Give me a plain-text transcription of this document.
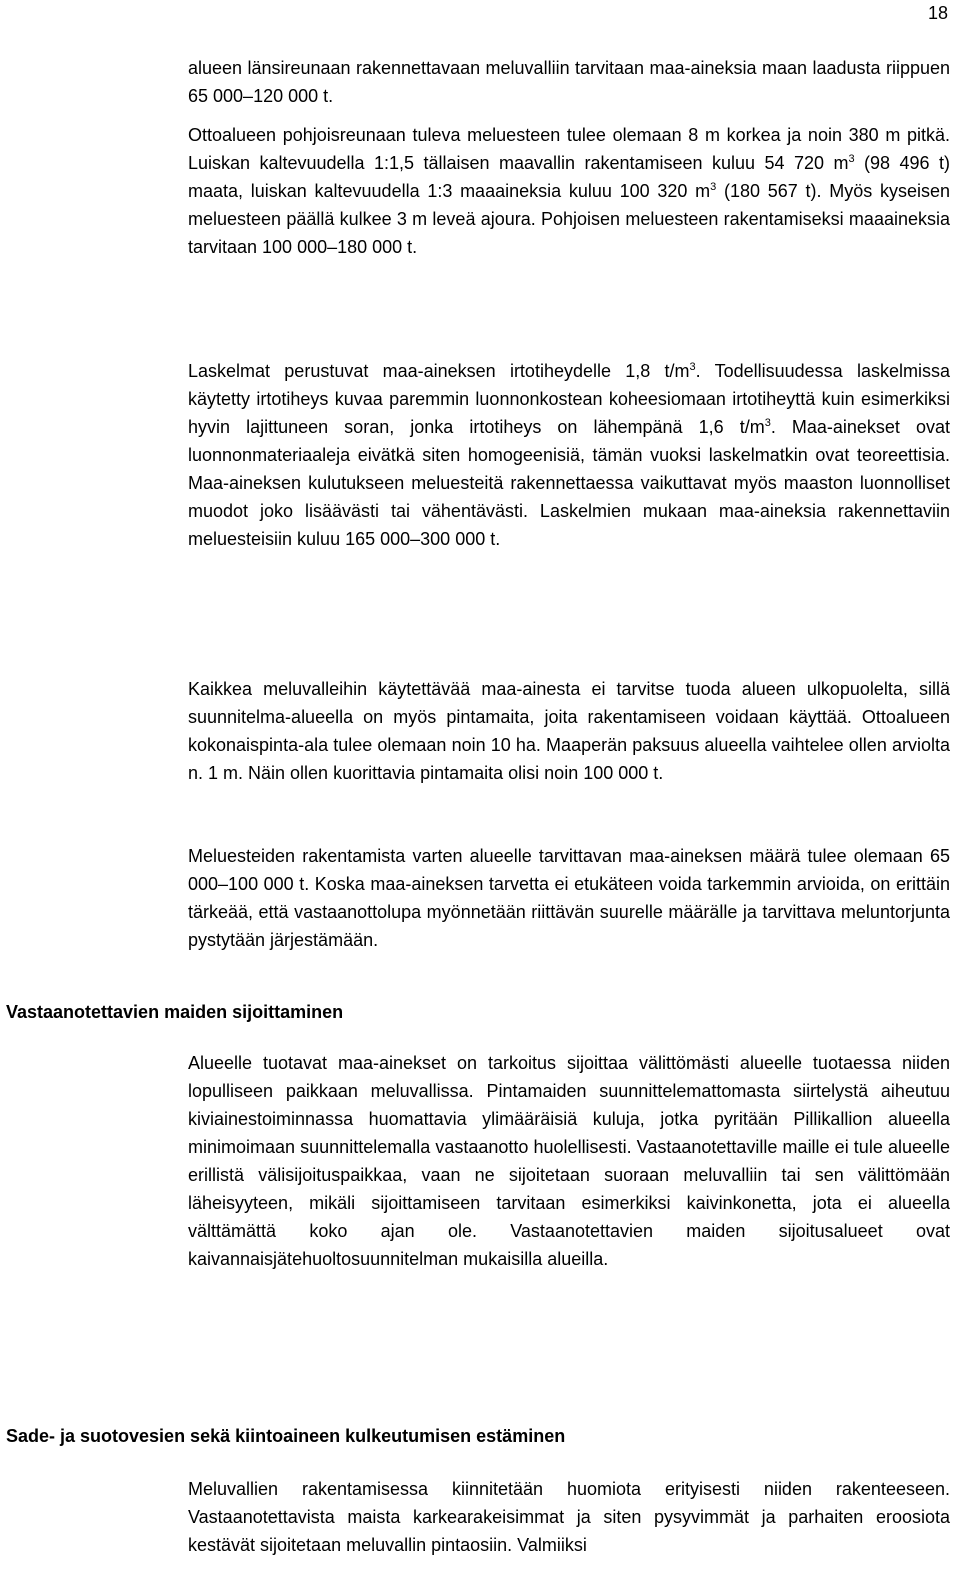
18

alueen länsireunaan rakennettavaan meluvalliin tarvitaan maa-aineksia maan laadusta riippuen 65 000–120 000 t.

Ottoalueen pohjoisreunaan tuleva meluesteen tulee olemaan 8 m korkea ja noin 380 m pitkä. Luiskan kaltevuudella 1:1,5 tällaisen maavallin rakentamiseen kuluu 54 720 $m^3$ (98 496 t) maata, luiskan kaltevuudella 1:3 maaaineksia kuluu 100 320 $m^3$ (180 567 t). Myös kyseisen meluesteen päällä kulkee 3 m leveä ajoura. Pohjoisen meluesteen rakentamiseksi maaaineksia tarvitaan 100 000–180 000 t.

Laskelmat perustuvat maa-aineksen irtotiheydelle 1,8 $t/m^3$. Todellisuudessa laskelmissa käytetty irtotiheys kuvaa paremmin luonnonkostean koheesiomaan irtotiheyttä kuin esimerkiksi hyvin lajittuneen soran, jonka irtotiheys on lähempänä 1,6 $t/m^3$. Maa-ainekset ovat luonnonmateriaaleja eivätkä siten homogeenisiä, tämän vuoksi laskelmatkin ovat teoreettisia. Maa-aineksen kulutukseen meluesteitä rakennettaessa vaikuttavat myös maaston luonnolliset muodot joko lisäävästi tai vähentävästi. Laskelmien mukaan maa-aineksia rakennettaviin meluesteisiin kuluu 165 000–300 000 t.

Kaikkea meluvalleihin käytettävää maa-ainesta ei tarvitse tuoda alueen ulkopuolelta, sillä suunnitelma-alueella on myös pintamaita, joita rakentamiseen voidaan käyttää. Ottoalueen kokonaispinta-ala tulee olemaan noin 10 ha. Maaperän paksuus alueella vaihtelee ollen arviolta n. 1 m. Näin ollen kuorittavia pintamaita olisi noin 100 000 t.

Meluesteiden rakentamista varten alueelle tarvittavan maa-aineksen määrä tulee olemaan 65 000–100 000 t. Koska maa-aineksen tarvetta ei etukäteen voida tarkemmin arvioida, on erittäin tärkeää, että vastaanottolupa myönnetään riittävän suurelle määrälle ja tarvittava meluntorjunta pystytään järjestämään.

Vastaanotettavien maiden sijoittaminen

Alueelle tuotavat maa-ainekset on tarkoitus sijoittaa välittömästi alueelle tuotaessa niiden lopulliseen paikkaan meluvallissa. Pintamaiden suunnittelemattomasta siirtelystä aiheutuu kiviainestoiminnassa huomattavia ylimääräisiä kuluja, jotka pyritään Pillikallion alueella minimoimaan suunnittelemalla vastaanotto huolellisesti. Vastaanotettaville maille ei tule alueelle erillistä välisijoituspaikkaa, vaan ne sijoitetaan suoraan meluvalliin tai sen välittömään läheisyyteen, mikäli sijoittamiseen tarvitaan esimerkiksi kaivinkonetta, jota ei alueella välttämättä koko ajan ole. Vastaanotettavien maiden sijoitusalueet ovat kaivannaisjätehuoltosuunnitelman mukaisilla alueilla.

Sade- ja suotovesien sekä kiintoaineen kulkeutumisen estäminen

Meluvallien rakentamisessa kiinnitetään huomiota erityisesti niiden rakenteeseen. Vastaanotettavista maista karkearakeisimmat ja siten pysyvimmät ja parhaiten eroosiota kestävät sijoitetaan meluvallin pintaosiin. Valmiiksi
